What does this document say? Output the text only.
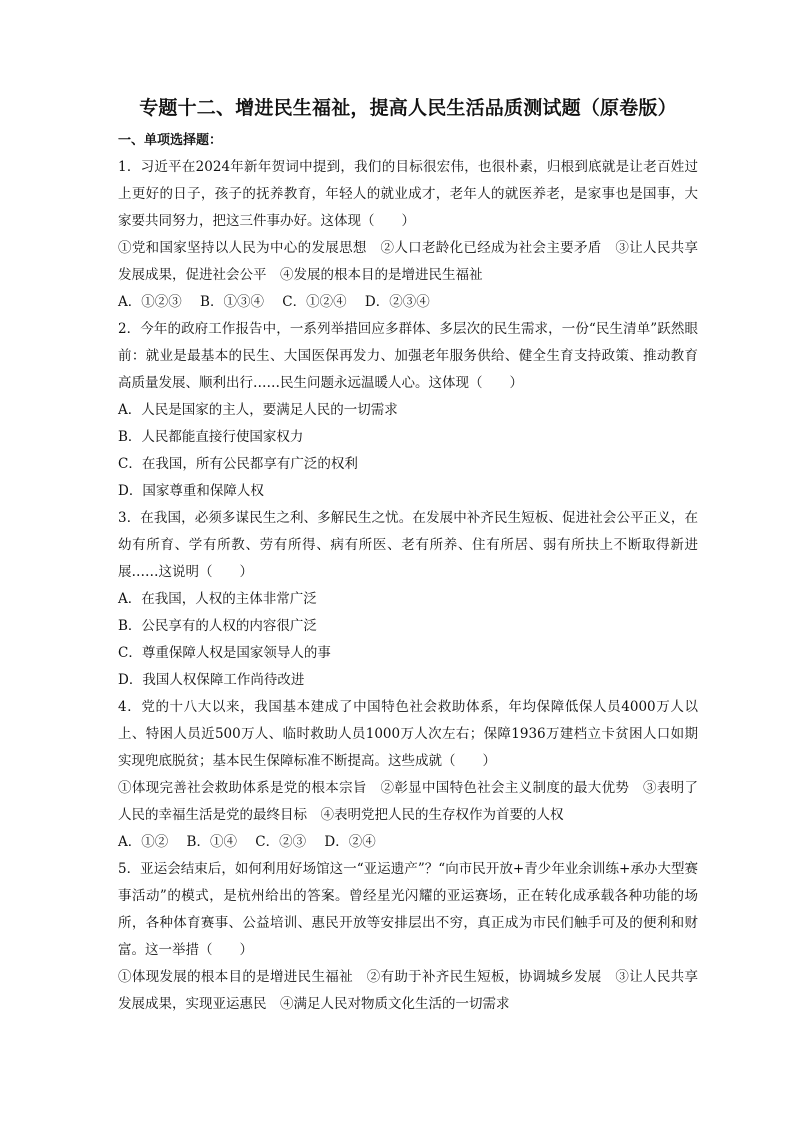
专题十二、增进民生福祉，提高人民生活品质测试题（原卷版）
一、单项选择题：

1．习近平在2024年新年贺词中提到，我们的目标很宏伟，也很朴素，归根到底就是让老百姓过上更好的日子，孩子的抚养教育，年轻人的就业成才，老年人的就医养老，是家事也是国事，大家要共同努力，把这三件事办好。这体现（　　）

①党和国家坚持以人民为中心的发展思想　②人口老龄化已经成为社会主要矛盾　③让人民共享发展成果，促进社会公平　④发展的根本目的是增进民生福祉

A．①②③ B．①③④ C．①②④ D．②③④

2．今年的政府工作报告中，一系列举措回应多群体、多层次的民生需求，一份“民生清单”跃然眼前：就业是最基本的民生、大国医保再发力、加强老年服务供给、健全生育支持政策、推动教育高质量发展、顺利出行……民生问题永远温暖人心。这体现（　　）

A．人民是国家的主人，要满足人民的一切需求

B．人民都能直接行使国家权力

C．在我国，所有公民都享有广泛的权利

D．国家尊重和保障人权

3．在我国，必须多谋民生之利、多解民生之忧。在发展中补齐民生短板、促进社会公平正义，在幼有所育、学有所教、劳有所得、病有所医、老有所养、住有所居、弱有所扶上不断取得新进展……这说明（　　）

A．在我国，人权的主体非常广泛

B．公民享有的人权的内容很广泛

C．尊重保障人权是国家领导人的事

D．我国人权保障工作尚待改进

4．党的十八大以来，我国基本建成了中国特色社会救助体系，年均保障低保人员4000万人以上、特困人员近500万人、临时救助人员1000万人次左右；保障1936万建档立卡贫困人口如期实现兜底脱贫；基本民生保障标准不断提高。这些成就（　　）

①体现完善社会救助体系是党的根本宗旨　②彰显中国特色社会主义制度的最大优势　③表明了人民的幸福生活是党的最终目标　④表明党把人民的生存权作为首要的人权

A．①② B．①④ C．②③ D．②④

5．亚运会结束后，如何利用好场馆这一“亚运遗产”？“向市民开放+青少年业余训练+承办大型赛事活动”的模式，是杭州给出的答案。曾经星光闪耀的亚运赛场，正在转化成承载各种功能的场所，各种体育赛事、公益培训、惠民开放等安排层出不穷，真正成为市民们触手可及的便利和财富。这一举措（　　）

①体现发展的根本目的是增进民生福祉　②有助于补齐民生短板，协调城乡发展　③让人民共享发展成果，实现亚运惠民　④满足人民对物质文化生活的一切需求
